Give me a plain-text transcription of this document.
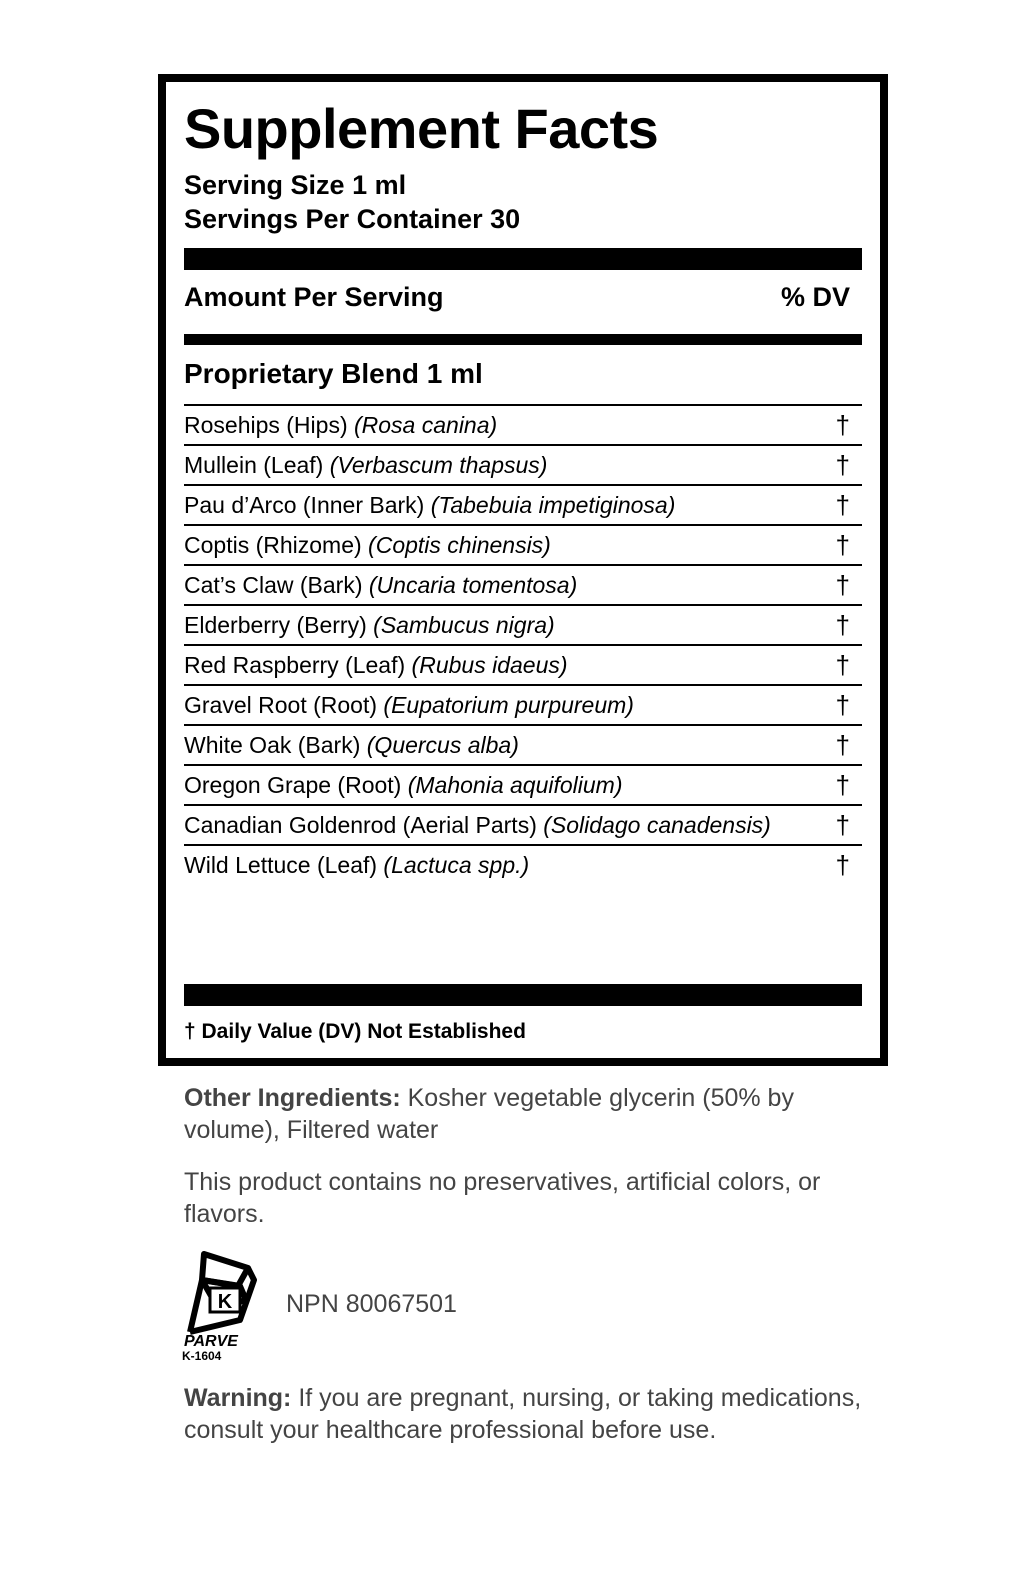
Supplement Facts
Serving Size 1 ml
Servings Per Container 30
Amount Per Serving	% DV
Proprietary Blend 1 ml
Rosehips (Hips) (Rosa canina)	†
Mullein (Leaf) (Verbascum thapsus)	†
Pau d’Arco (Inner Bark) (Tabebuia impetiginosa)	†
Coptis (Rhizome) (Coptis chinensis)	†
Cat’s Claw (Bark) (Uncaria tomentosa)	†
Elderberry (Berry) (Sambucus nigra)	†
Red Raspberry (Leaf) (Rubus idaeus)	†
Gravel Root (Root) (Eupatorium purpureum)	†
White Oak (Bark) (Quercus alba)	†
Oregon Grape (Root) (Mahonia aquifolium)	†
Canadian Goldenrod (Aerial Parts) (Solidago canadensis) †
Wild Lettuce (Leaf) (Lactuca spp.)	†
† Daily Value (DV) Not Established
Other Ingredients: Kosher vegetable glycerin (50% by volume), Filtered water
This product contains no preservatives, artificial colors, or flavors.
K
PARVE
K-1604
NPN 80067501
Warning: If you are pregnant, nursing, or taking medications, consult your healthcare professional before use.
